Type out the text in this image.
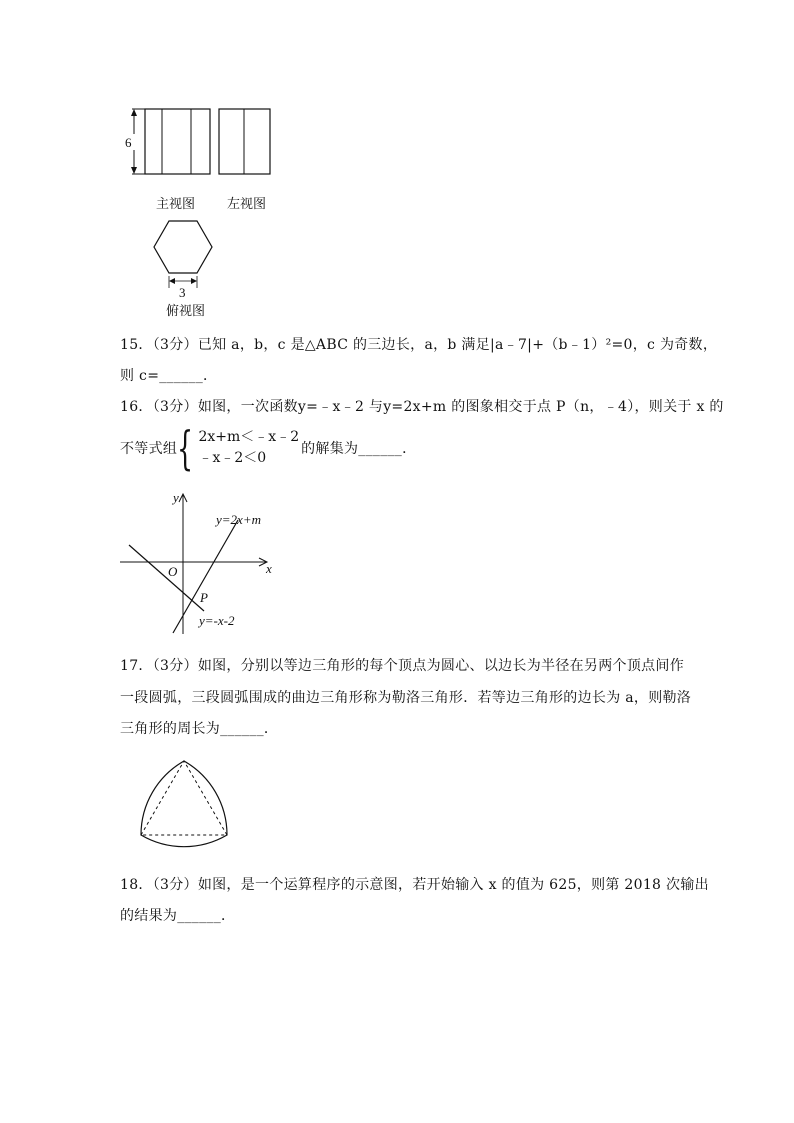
6
主视图 左视图
3
俯视图
15．（3分）已知 a，b，c 是△ABC 的三边长，a，b 满足|a﹣7|+（b﹣1）²=0，c 为奇数，
则 c=______．
16．（3分）如图，一次函数y=﹣x﹣2 与y=2x+m 的图象相交于点 P（n，﹣4），则关于 x 的
不等式组 { 2x+m＜﹣x﹣2
﹣x﹣2＜0
的解集为______．
y
x
O
P
y=2x+m
y=-x-2
17．（3分）如图，分别以等边三角形的每个顶点为圆心、以边长为半径在另两个顶点间作
一段圆弧，三段圆弧围成的曲边三角形称为勒洛三角形．若等边三角形的边长为 a，则勒洛
三角形的周长为______．
18．（3分）如图，是一个运算程序的示意图，若开始输入 x 的值为 625，则第 2018 次输出
的结果为______．
